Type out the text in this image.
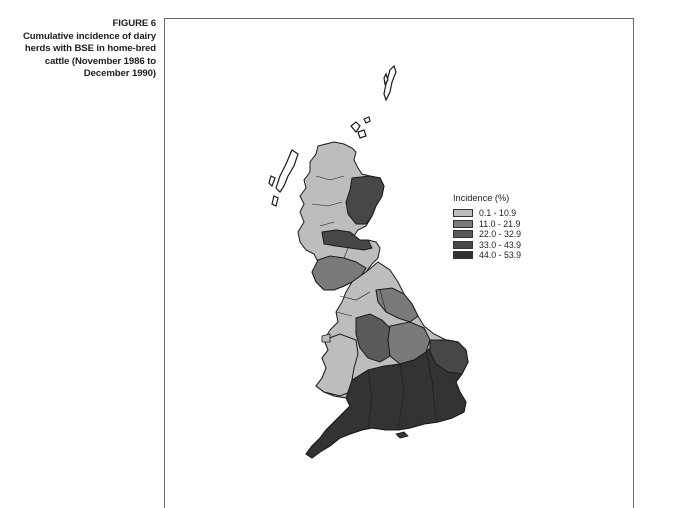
FIGURE 6
Cumulative incidence of dairy herds with BSE in home-bred cattle (November 1986 to December 1990)
Incidence (%)
0.1 - 10.9
11.0 - 21.9
22.0 - 32.9
33.0 - 43.9
44.0 - 53.9
